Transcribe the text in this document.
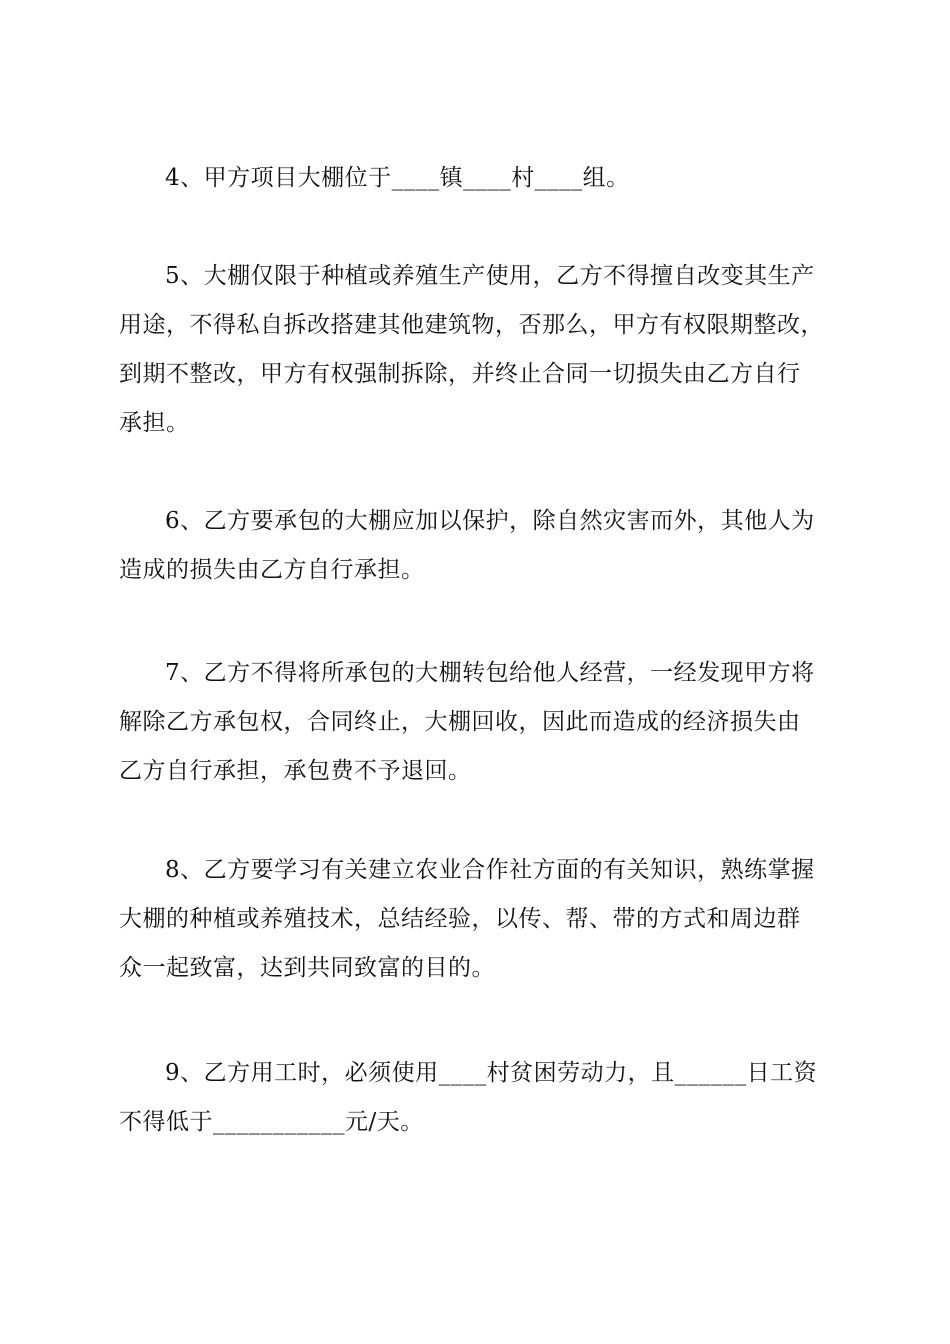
4、甲方项目大棚位于____镇____村____组。

5、大棚仅限于种植或养殖生产使用，乙方不得擅自改变其生产
用途，不得私自拆改搭建其他建筑物，否那么，甲方有权限期整改，
到期不整改，甲方有权强制拆除，并终止合同一切损失由乙方自行
承担。

6、乙方要承包的大棚应加以保护，除自然灾害而外，其他人为
造成的损失由乙方自行承担。

7、乙方不得将所承包的大棚转包给他人经营，一经发现甲方将
解除乙方承包权，合同终止，大棚回收，因此而造成的经济损失由
乙方自行承担，承包费不予退回。

8、乙方要学习有关建立农业合作社方面的有关知识，熟练掌握
大棚的种植或养殖技术，总结经验，以传、帮、带的方式和周边群
众一起致富，达到共同致富的目的。

9、乙方用工时，必须使用____村贫困劳动力，且______日工资
不得低于___________元/天。
